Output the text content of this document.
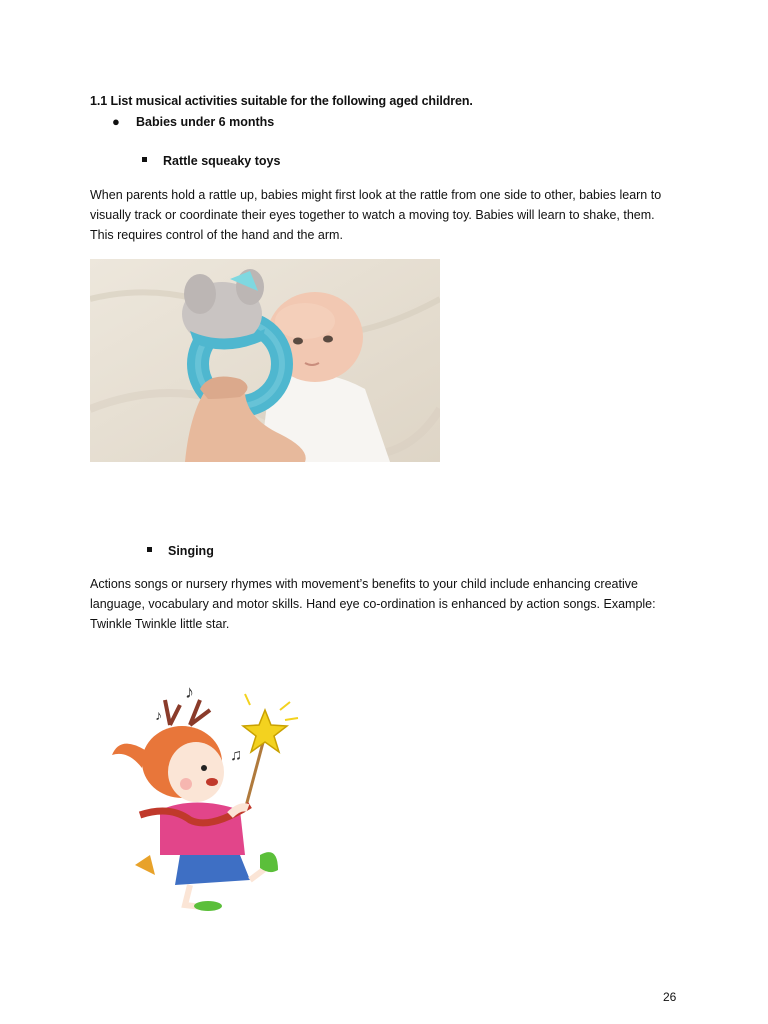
1.1 List musical activities suitable for the following aged children.
● Babies under 6 months
Rattle squeaky toys
When parents hold a rattle up, babies might first look at the rattle from one side to other, babies learn to visually track or coordinate their eyes together to watch a moving toy. Babies will learn to shake, them. This requires control of the hand and the arm.
Singing
Actions songs or nursery rhymes with movement’s benefits to your child include enhancing creative language, vocabulary and motor skills. Hand eye co-ordination is enhanced by action songs. Example: Twinkle Twinkle little star.
♪
♫
♪
26
